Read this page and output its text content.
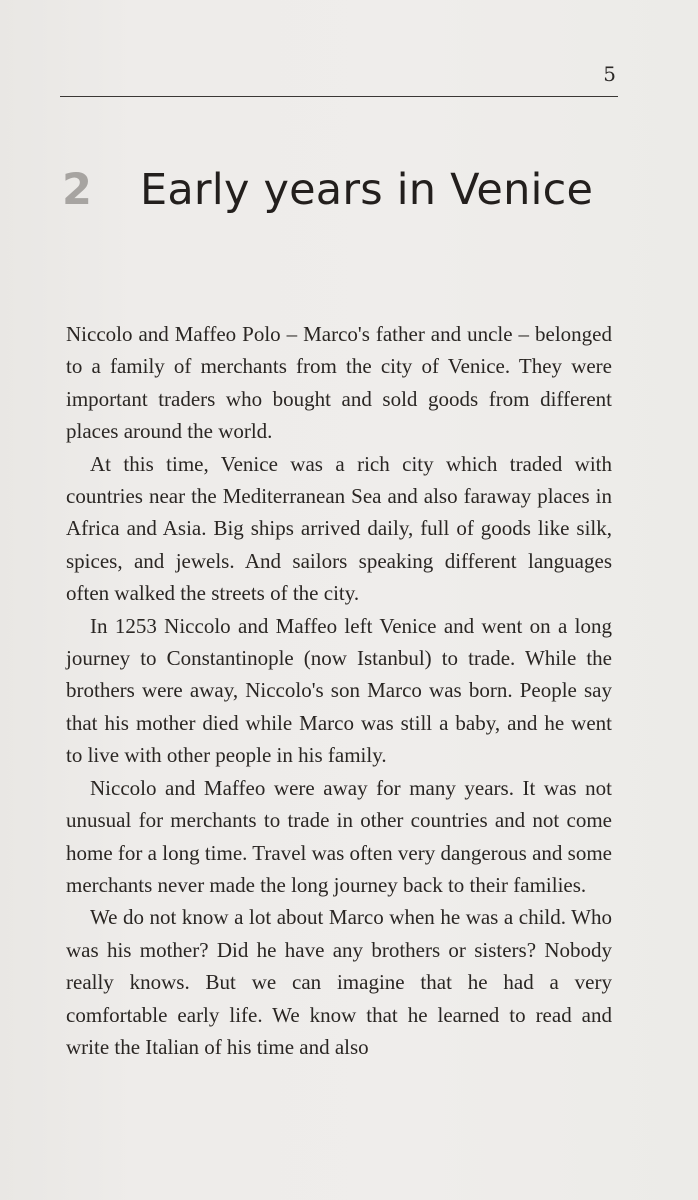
5
2 Early years in Venice

Niccolo and Maffeo Polo – Marco's father and uncle – belonged to a family of merchants from the city of Venice. They were important traders who bought and sold goods from different places around the world.

At this time, Venice was a rich city which traded with countries near the Mediterranean Sea and also faraway places in Africa and Asia. Big ships arrived daily, full of goods like silk, spices, and jewels. And sailors speaking different languages often walked the streets of the city.

In 1253 Niccolo and Maffeo left Venice and went on a long journey to Constantinople (now Istanbul) to trade. While the brothers were away, Niccolo's son Marco was born. People say that his mother died while Marco was still a baby, and he went to live with other people in his family.

Niccolo and Maffeo were away for many years. It was not unusual for merchants to trade in other countries and not come home for a long time. Travel was often very dangerous and some merchants never made the long journey back to their families.

We do not know a lot about Marco when he was a child. Who was his mother? Did he have any brothers or sisters? Nobody really knows. But we can imagine that he had a very comfortable early life. We know that he learned to read and write the Italian of his time and also
